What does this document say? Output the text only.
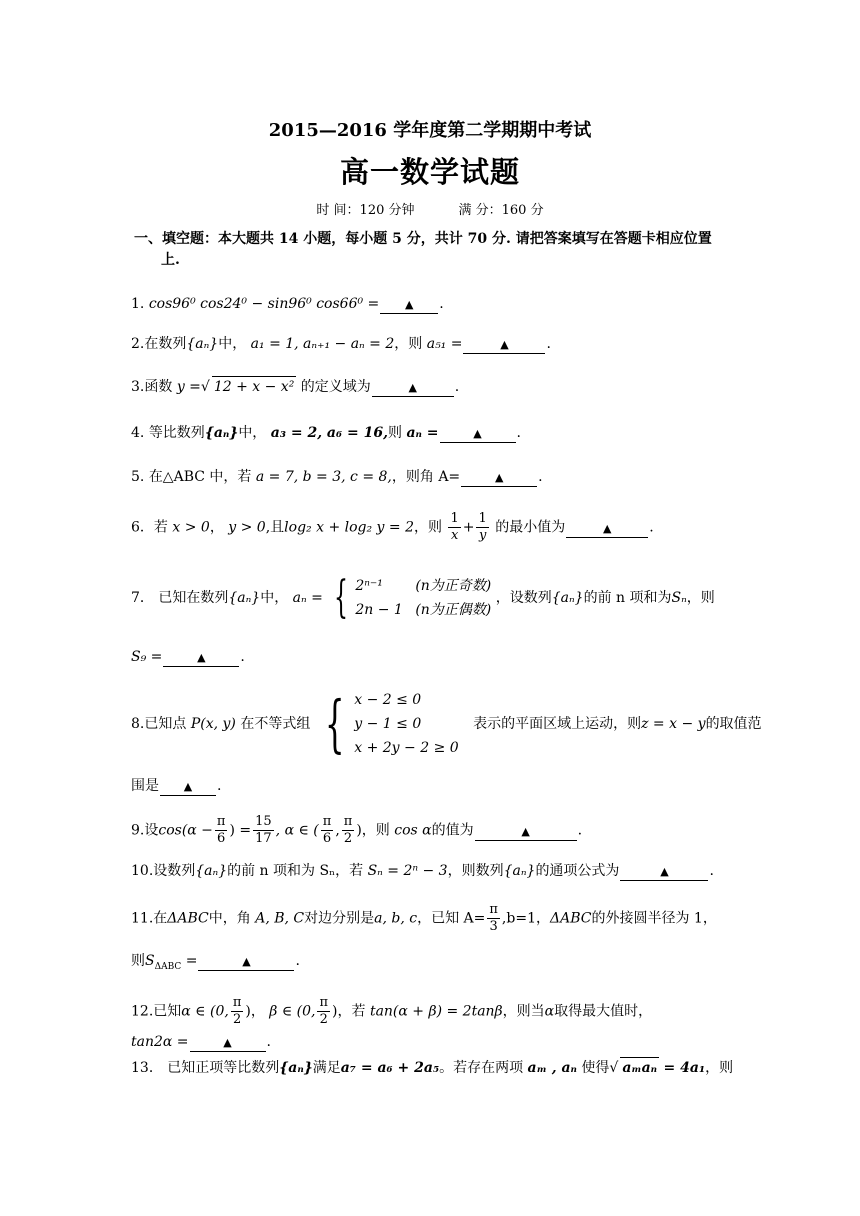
2015—2016 学年度第二学期期中考试
高一数学试题
时 间：120 分钟	满 分：160 分
一、填空题：本大题共 14 小题，每小题 5 分，共计 70 分. 请把答案填写在答题卡相应位置
上.
1. cos96⁰ cos24⁰ − sin96⁰ cos66⁰ = ▲ .
2.在数列{aₙ}中， a₁ = 1, aₙ₊₁ − aₙ = 2，则 a₅₁ =	▲	.
3.函数 y =√ 12 + x − x² 的定义域为	▲	.
4. 等比数列{aₙ}中， a₃ = 2, a₆ = 16,则 aₙ =	▲ .
5. 在△ABC 中，若 a = 7, b = 3, c = 8,，则角 A=	▲ .
6．若 x > 0， y > 0,且log₂ x + log₂ y = 2，则 $\frac{1}{x} + \frac{1}{y}$ 的最小值为	▲	.
7． 已知在数列{aₙ}中， aₙ = { 2ⁿ⁻¹ (n为正奇数)
2n − 1 (n为正偶数)
，设数列{aₙ}的前 n 项和为Sₙ，则
S₉ =	▲ .
8.已知点 P(x, y) 在不等式组 { x − 2 ≤ 0
y − 1 ≤ 0
x + 2y − 2 ≥ 0
表示的平面区域上运动，则z = x − y的取值范
围是 ▲ .
9.设$\cos(\alpha - \frac{\pi}{6}$ ) = $\frac{15}{17}$ , α ∈ ( $\frac{\pi}{6}$ , $\frac{\pi}{2}$ )，则 cos α的值为	▲	.
10.设数列{aₙ}的前 n 项和为 Sₙ，若 Sₙ = 2ⁿ − 3，则数列{aₙ}的通项公式为	▲	.
11.在ΔABC中，角 A, B, C对边分别是a, b, c，已知 $A= \frac{\pi}{3} ,b=1$，ΔABC的外接圆半径为 1，
则$S_{\Delta ABC}$ =	▲	.
12.已知α ∈ (0, $\frac{\pi}{2}$ )， β ∈ (0, $\frac{\pi}{2}$ )，若 tan(α + β) = 2tanβ，则当α取得最大值时，
tan2α =	▲ .
13． 已知正项等比数列{aₙ}满足a₇ = a₆ + 2a₅。若存在两项 aₘ , aₙ 使得√ aₘaₙ = 4a₁，则
